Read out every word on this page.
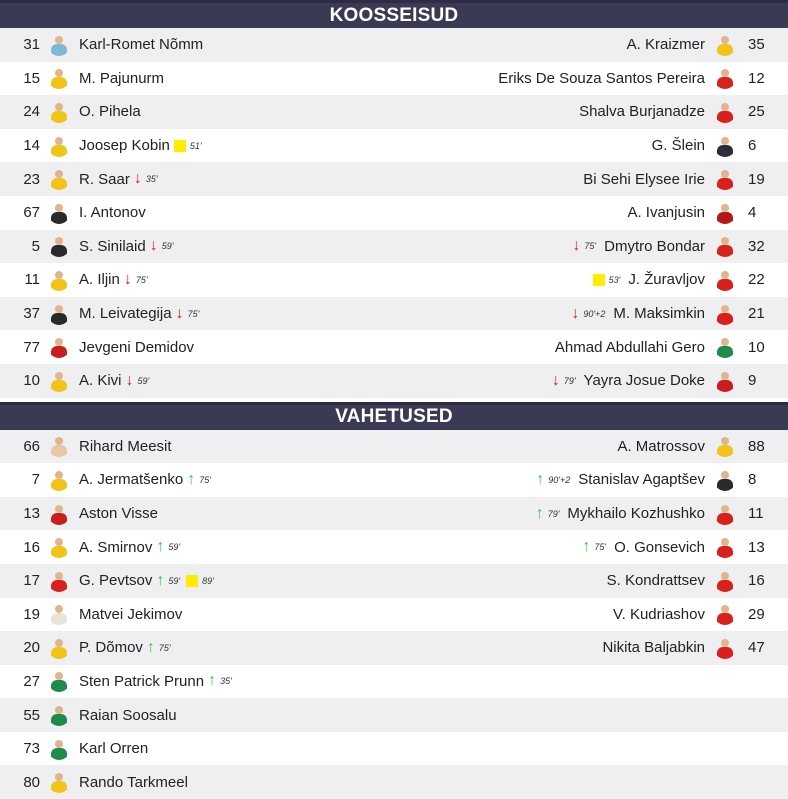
KOOSSEISUD
31	Karl-Romet Nõmm	A. Kraizmer	35
15	M. Pajunurm	Eriks De Souza Santos Pereira	12
24	O. Pihela	Shalva Burjanadze	25
14	Joosep Kobin 51'	G. Šlein	6
23	R. Saar ↓ 35'	Bi Sehi Elysee Irie	19
67	I. Antonov	A. Ivanjusin	4
5	S. Sinilaid ↓ 59'	↓ 75' Dmytro Bondar	32
11	A. Iljin ↓ 75'	53' J. Žuravljov	22
37	M. Leivategija ↓ 75'	↓ 90'+2 M. Maksimkin	21
77	Jevgeni Demidov	Ahmad Abdullahi Gero	10
10	A. Kivi ↓ 59'	↓ 79' Yayra Josue Doke	9
VAHETUSED
66	Rihard Meesit	A. Matrossov	88
7	A. Jermatšenko ↑ 75'	↑ 90'+2 Stanislav Agaptšev	8
13	Aston Visse	↑ 79' Mykhailo Kozhushko	11
16	A. Smirnov ↑ 59'	↑ 75' O. Gonsevich	13
17	G. Pevtsov ↑ 59' 89'	S. Kondrattsev	16
19	Matvei Jekimov	V. Kudriashov	29
20	P. Dõmov ↑ 75'	Nikita Baljabkin	47
27	Sten Patrick Prunn ↑ 35'
55	Raian Soosalu
73	Karl Orren
80	Rando Tarkmeel
